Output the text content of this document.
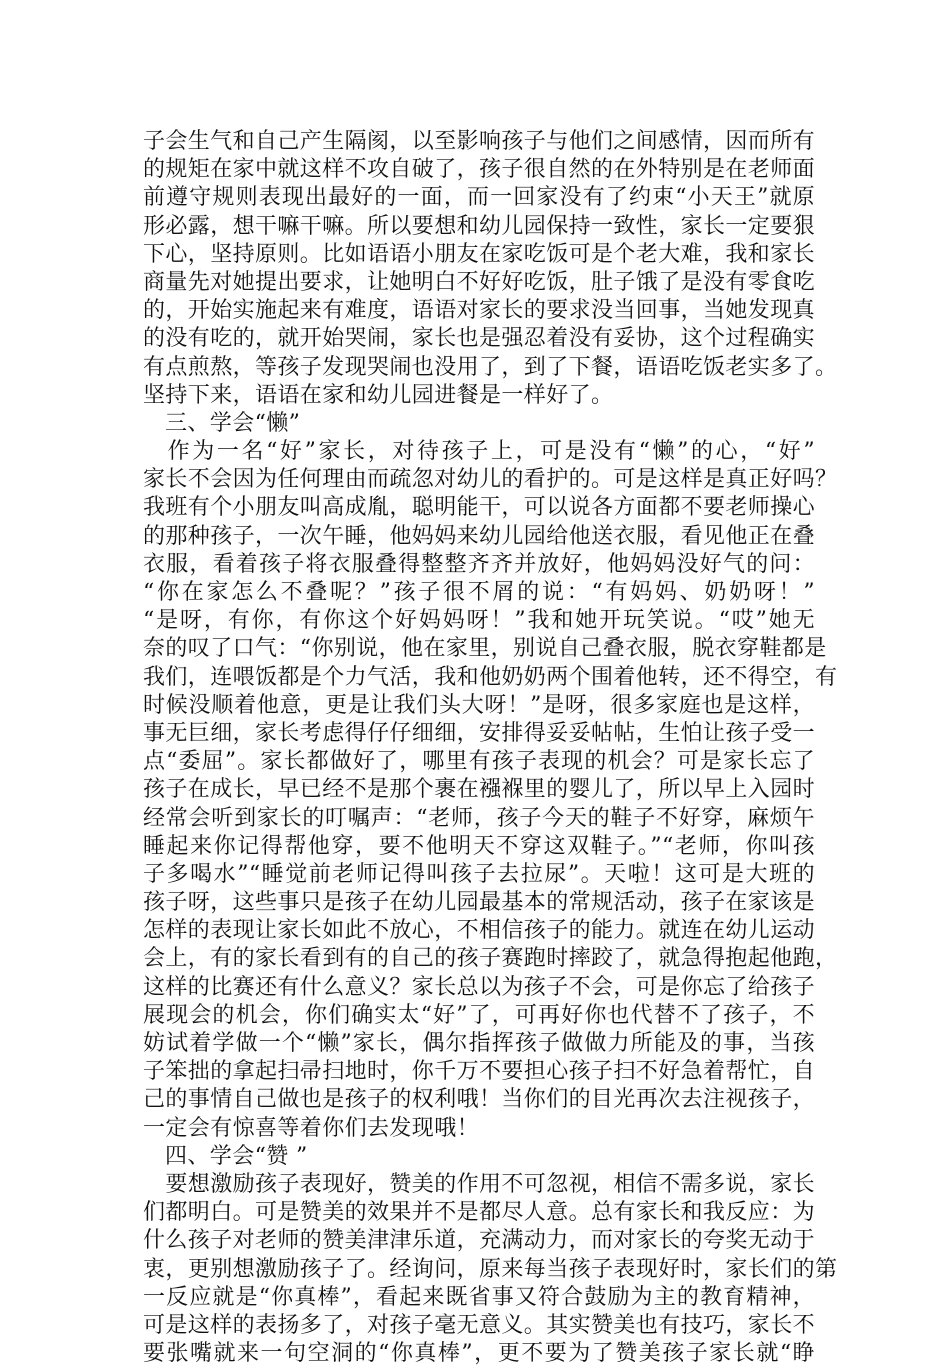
子会生气和自己产生隔阂，以至影响孩子与他们之间感情，因而所有
的规矩在家中就这样不攻自破了，孩子很自然的在外特别是在老师面
前遵守规则表现出最好的一面，而一回家没有了约束“小天王”就原
形必露，想干嘛干嘛。所以要想和幼儿园保持一致性，家长一定要狠
下心，坚持原则。比如语语小朋友在家吃饭可是个老大难，我和家长
商量先对她提出要求，让她明白不好好吃饭，肚子饿了是没有零食吃
的，开始实施起来有难度，语语对家长的要求没当回事，当她发现真
的没有吃的，就开始哭闹，家长也是强忍着没有妥协，这个过程确实
有点煎熬，等孩子发现哭闹也没用了，到了下餐，语语吃饭老实多了。
坚持下来，语语在家和幼儿园进餐是一样好了。
三、学会“懒”
　作为一名“好”家长，对待孩子上，可是没有“懒”的心，“好”
家长不会因为任何理由而疏忽对幼儿的看护的。可是这样是真正好吗？
我班有个小朋友叫高成胤，聪明能干，可以说各方面都不要老师操心
的那种孩子，一次午睡，他妈妈来幼儿园给他送衣服，看见他正在叠
衣服，看着孩子将衣服叠得整整齐齐并放好，他妈妈没好气的问：
“你在家怎么不叠呢？”孩子很不屑的说：“有妈妈、奶奶呀！”
“是呀，有你，有你这个好妈妈呀！”我和她开玩笑说。“哎”她无
奈的叹了口气：“你别说，他在家里，别说自己叠衣服，脱衣穿鞋都是
我们，连喂饭都是个力气活，我和他奶奶两个围着他转，还不得空，有
时候没顺着他意，更是让我们头大呀！”是呀，很多家庭也是这样，
事无巨细，家长考虑得仔仔细细，安排得妥妥帖帖，生怕让孩子受一
点“委屈”。家长都做好了，哪里有孩子表现的机会？可是家长忘了
孩子在成长，早已经不是那个裹在襁褓里的婴儿了，所以早上入园时
经常会听到家长的叮嘱声：“老师，孩子今天的鞋子不好穿，麻烦午
睡起来你记得帮他穿，要不他明天不穿这双鞋子。”“老师，你叫孩
子多喝水”“睡觉前老师记得叫孩子去拉尿”。天啦！这可是大班的
孩子呀，这些事只是孩子在幼儿园最基本的常规活动，孩子在家该是
怎样的表现让家长如此不放心，不相信孩子的能力。就连在幼儿运动
会上，有的家长看到有的自己的孩子赛跑时摔跤了，就急得抱起他跑，
这样的比赛还有什么意义？家长总以为孩子不会，可是你忘了给孩子
展现会的机会，你们确实太“好”了，可再好你也代替不了孩子，不
妨试着学做一个“懒”家长，偶尔指挥孩子做做力所能及的事，当孩
子笨拙的拿起扫帚扫地时，你千万不要担心孩子扫不好急着帮忙，自
己的事情自己做也是孩子的权利哦！当你们的目光再次去注视孩子，
一定会有惊喜等着你们去发现哦！
四、学会“赞 ”
　要想激励孩子表现好，赞美的作用不可忽视，相信不需多说，家长
们都明白。可是赞美的效果并不是都尽人意。总有家长和我反应：为
什么孩子对老师的赞美津津乐道，充满动力，而对家长的夸奖无动于
衷，更别想激励孩子了。经询问，原来每当孩子表现好时，家长们的第
一反应就是“你真棒”，看起来既省事又符合鼓励为主的教育精神，
可是这样的表扬多了，对孩子毫无意义。其实赞美也有技巧，家长不
要张嘴就来一句空洞的“你真棒”，更不要为了赞美孩子家长就“睁
